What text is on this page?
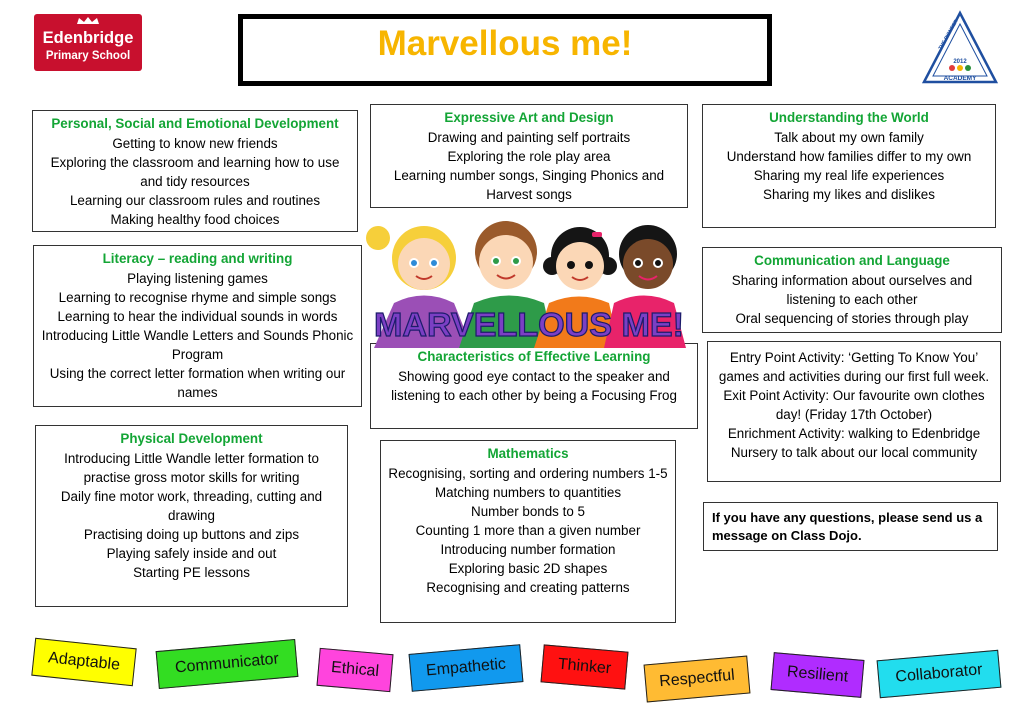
Edenbridge
Primary School	Marvellous me!	2012
ACADEMY
THE PIONEER
Personal, Social and Emotional Development

Getting to know new friends

Exploring the classroom and learning how to use and tidy resources

Learning our classroom rules and routines

Making healthy food choices

Expressive Art and Design

Drawing and painting self portraits

Exploring the role play area

Learning number songs, Singing Phonics and Harvest songs

Understanding the World

Talk about my own family

Understand how families differ to my own

Sharing my real life experiences

Sharing my likes and dislikes

Literacy – reading and writing

Playing listening games

Learning to recognise rhyme and simple songs

Learning to hear the individual sounds in words

Introducing Little Wandle Letters and Sounds Phonic Program

Using the correct letter formation when writing our names

Communication and Language

Sharing information about ourselves and listening to each other

Oral sequencing of stories through play

Characteristics of Effective Learning

Showing good eye contact to the speaker and listening to each other by being a Focusing Frog

Entry Point Activity: ‘Getting To Know You’ games and activities during our first full week.

Exit Point Activity: Our favourite own clothes day! (Friday 17th October)

Enrichment Activity: walking to Edenbridge Nursery to talk about our local community

Physical Development

Introducing Little Wandle letter formation to practise gross motor skills for writing

Daily fine motor work, threading, cutting and drawing

Practising doing up buttons and zips

Playing safely inside and out

Starting PE lessons

Mathematics

Recognising, sorting and ordering numbers 1-5

Matching numbers to quantities

Number bonds to 5

Counting 1 more than a given number

Introducing number formation

Exploring basic 2D shapes

Recognising and creating patterns

If you have any questions, please send us a message on Class Dojo.
MARVELLOUS ME!
Adaptable	Communicator	Ethical	Empathetic	Thinker
Respectful	Resilient	Collaborator
